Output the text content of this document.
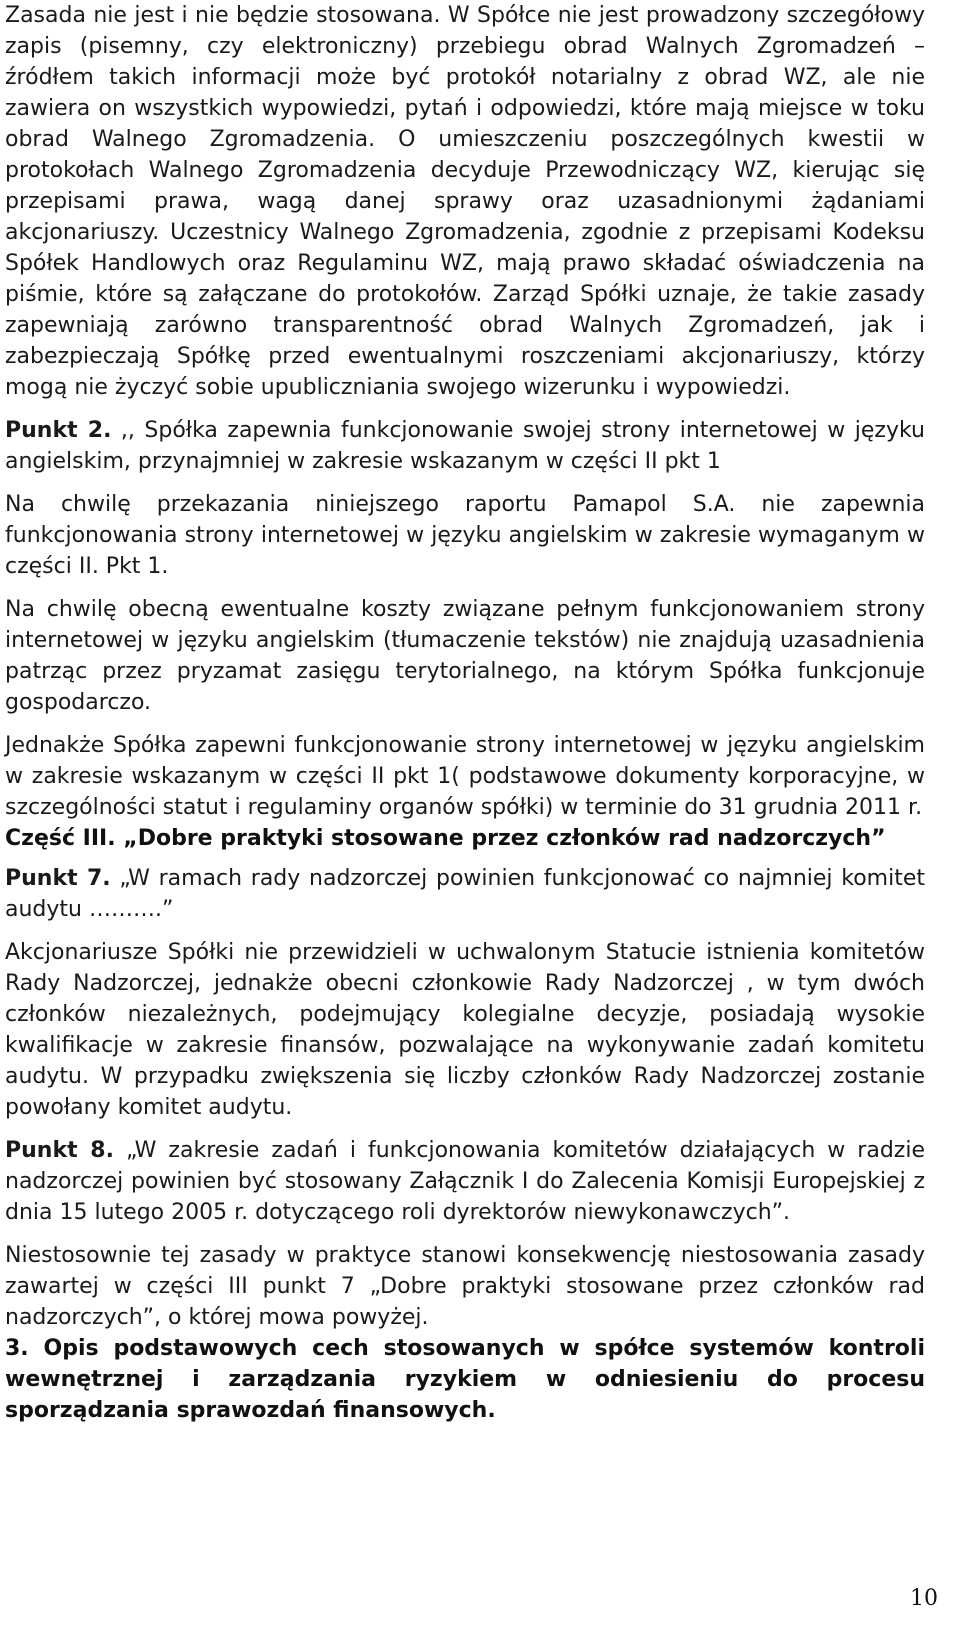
Zasada nie jest i nie będzie stosowana. W Spółce nie jest prowadzony szczegółowy zapis (pisemny, czy elektroniczny) przebiegu obrad Walnych Zgromadzeń – źródłem takich informacji może być protokół notarialny z obrad WZ, ale nie zawiera on wszystkich wypowiedzi, pytań i odpowiedzi, które mają miejsce w toku obrad Walnego Zgromadzenia. O umieszczeniu poszczególnych kwestii w protokołach Walnego Zgromadzenia decyduje Przewodniczący WZ, kierując się przepisami prawa, wagą danej sprawy oraz uzasadnionymi żądaniami akcjonariuszy. Uczestnicy Walnego Zgromadzenia, zgodnie z przepisami Kodeksu Spółek Handlowych oraz Regulaminu WZ, mają prawo składać oświadczenia na piśmie, które są załączane do protokołów. Zarząd Spółki uznaje, że takie zasady zapewniają zarówno transparentność obrad Walnych Zgromadzeń, jak i zabezpieczają Spółkę przed ewentualnymi roszczeniami akcjonariuszy, którzy mogą nie życzyć sobie upubliczniania swojego wizerunku i wypowiedzi.

Punkt 2. ,, Spółka zapewnia funkcjonowanie swojej strony internetowej w języku angielskim, przynajmniej w zakresie wskazanym w części II pkt 1

Na chwilę przekazania niniejszego raportu Pamapol S.A. nie zapewnia funkcjonowania strony internetowej w języku angielskim w zakresie wymaganym w części II. Pkt 1.

Na chwilę obecną ewentualne koszty związane pełnym funkcjonowaniem strony internetowej w języku angielskim (tłumaczenie tekstów) nie znajdują uzasadnienia patrząc przez pryzamat zasięgu terytorialnego, na którym Spółka funkcjonuje gospodarczo.

Jednakże Spółka zapewni funkcjonowanie strony internetowej w języku angielskim w zakresie wskazanym w części II pkt 1( podstawowe dokumenty korporacyjne, w szczególności statut i regulaminy organów spółki) w terminie do 31 grudnia 2011 r.

Część III. „Dobre praktyki stosowane przez członków rad nadzorczych”

Punkt 7. „W ramach rady nadzorczej powinien funkcjonować co najmniej komitet audytu ……….”

Akcjonariusze Spółki nie przewidzieli w uchwalonym Statucie istnienia komitetów Rady Nadzorczej, jednakże obecni członkowie Rady Nadzorczej , w tym dwóch członków niezależnych, podejmujący kolegialne decyzje, posiadają wysokie kwalifikacje w zakresie finansów, pozwalające na wykonywanie zadań komitetu audytu. W przypadku zwiększenia się liczby członków Rady Nadzorczej zostanie powołany komitet audytu.

Punkt 8. „W zakresie zadań i funkcjonowania komitetów działających w radzie nadzorczej powinien być stosowany Załącznik I do Zalecenia Komisji Europejskiej z dnia 15 lutego 2005 r. dotyczącego roli dyrektorów niewykonawczych”.

Niestosownie tej zasady w praktyce stanowi konsekwencję niestosowania zasady zawartej w części III punkt 7 „Dobre praktyki stosowane przez członków rad nadzorczych”, o której mowa powyżej.

3. Opis podstawowych cech stosowanych w spółce systemów kontroli wewnętrznej i zarządzania ryzykiem w odniesieniu do procesu sporządzania sprawozdań finansowych.

10
